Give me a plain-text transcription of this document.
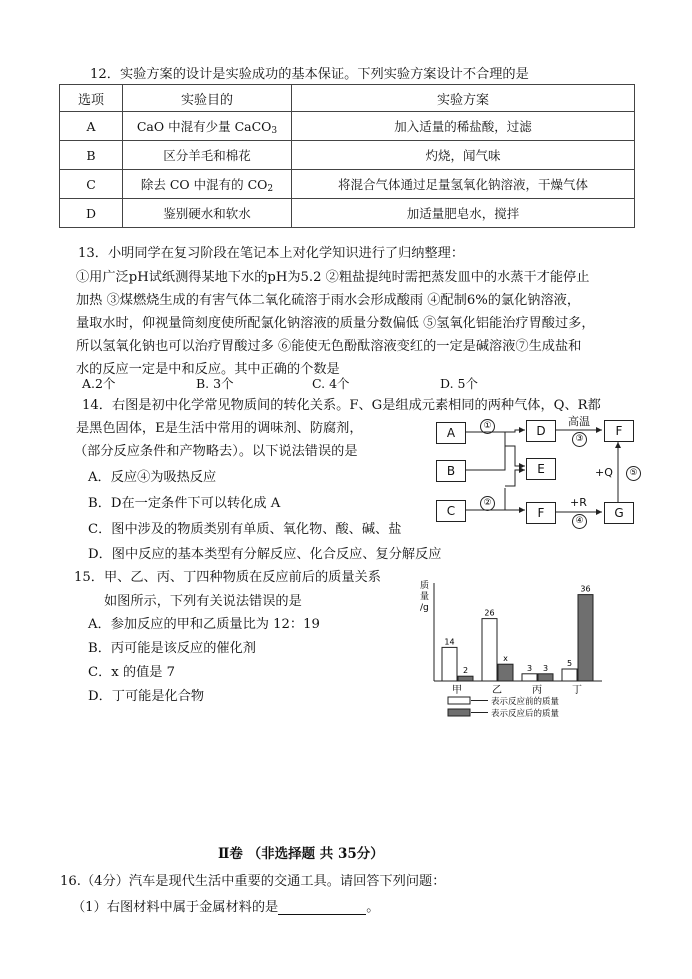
12．实验方案的设计是实验成功的基本保证。下列实验方案设计不合理的是
选项	实验目的	实验方案
A	CaO 中混有少量 CaCO$_3$	加入适量的稀盐酸，过滤
B	区分羊毛和棉花	灼烧，闻气味
C	除去 CO 中混有的 $CO_2$	将混合气体通过足量氢氧化钠溶液，干燥气体
D	鉴别硬水和软水	加适量肥皂水，搅拌
13．小明同学在复习阶段在笔记本上对化学知识进行了归纳整理：
①用广泛pH试纸测得某地下水的pH为5.2 ②粗盐提纯时需把蒸发皿中的水蒸干才能停止
加热 ③煤燃烧生成的有害气体二氧化硫溶于雨水会形成酸雨 ④配制6%的氯化钠溶液，
量取水时，仰视量筒刻度使所配氯化钠溶液的质量分数偏低 ⑤氢氧化铝能治疗胃酸过多，
所以氢氧化钠也可以治疗胃酸过多 ⑥能使无色酚酞溶液变红的一定是碱溶液⑦生成盐和
水的反应一定是中和反应。其中正确的个数是
A.2个	B. 3个	C. 4个	D. 5个
14．右图是初中化学常见物质间的转化关系。F、G是组成元素相同的两种气体，Q、R都
是黑色固体，E是生活中常用的调味剂、防腐剂，
（部分反应条件和产物略去）。以下说法错误的是
A．反应④为吸热反应
B．D在一定条件下可以转化成 A
C．图中涉及的物质类别有单质、氧化物、酸、碱、盐
D．图中反应的基本类型有分解反应、化合反应、复分解反应
A
B
C
D
E
F
F
G
①
②
高温
③
+R
④
+Q	⑤
15．甲、乙、丙、丁四种物质在反应前后的质量关系
如图所示，下列有关说法错误的是
A．参加反应的甲和乙质量比为 12：19
B．丙可能是该反应的催化剂
C．x 的值是 7
D．丁可能是化合物
质
量
/g
14
2
甲
26
x
乙
3 3
丙
5
36
丁
表示反应前的质量
表示反应后的质量
Ⅱ卷 （非选择题 共 35分）
16.（4分）汽车是现代生活中重要的交通工具。请回答下列问题：
（1）右图材料中属于金属材料的是	。
